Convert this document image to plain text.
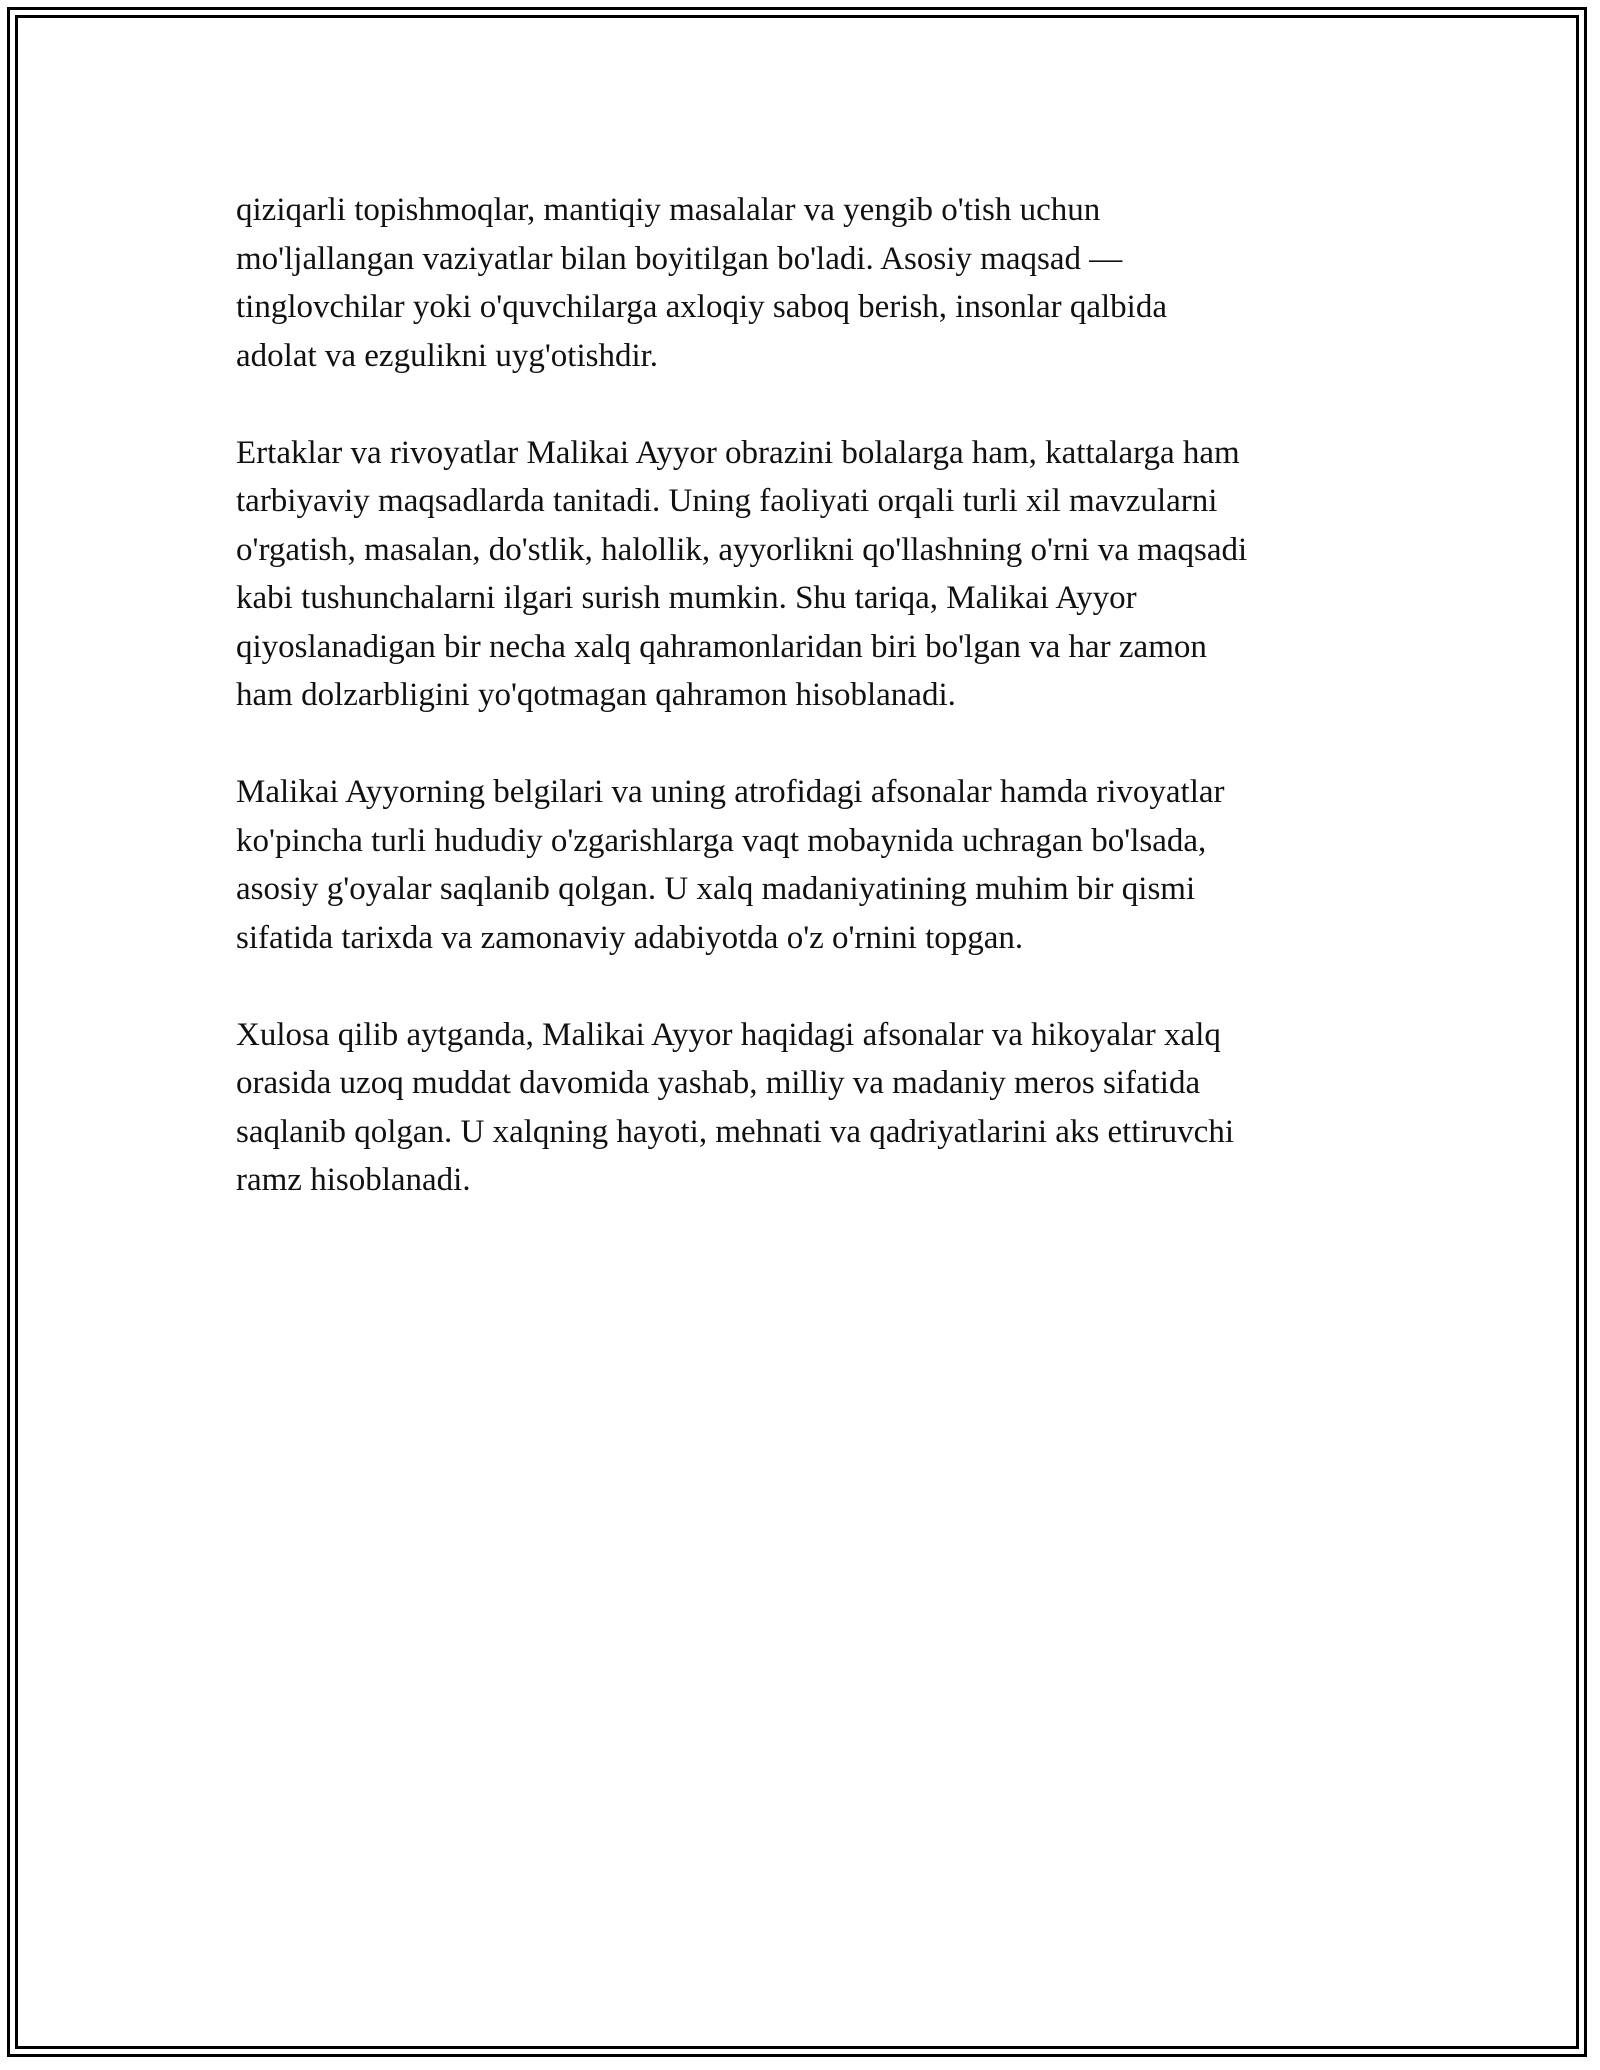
qiziqarli topishmoqlar, mantiqiy masalalar va yengib o'tish uchun
mo'ljallangan vaziyatlar bilan boyitilgan bo'ladi. Asosiy maqsad —
tinglovchilar yoki o'quvchilarga axloqiy saboq berish, insonlar qalbida
adolat va ezgulikni uyg'otishdir.

Ertaklar va rivoyatlar Malikai Ayyor obrazini bolalarga ham, kattalarga ham
tarbiyaviy maqsadlarda tanitadi. Uning faoliyati orqali turli xil mavzularni
o'rgatish, masalan, do'stlik, halollik, ayyorlikni qo'llashning o'rni va maqsadi
kabi tushunchalarni ilgari surish mumkin. Shu tariqa, Malikai Ayyor
qiyoslanadigan bir necha xalq qahramonlaridan biri bo'lgan va har zamon
ham dolzarbligini yo'qotmagan qahramon hisoblanadi.

Malikai Ayyorning belgilari va uning atrofidagi afsonalar hamda rivoyatlar
ko'pincha turli hududiy o'zgarishlarga vaqt mobaynida uchragan bo'lsada,
asosiy g'oyalar saqlanib qolgan. U xalq madaniyatining muhim bir qismi
sifatida tarixda va zamonaviy adabiyotda o'z o'rnini topgan.

Xulosa qilib aytganda, Malikai Ayyor haqidagi afsonalar va hikoyalar xalq
orasida uzoq muddat davomida yashab, milliy va madaniy meros sifatida
saqlanib qolgan. U xalqning hayoti, mehnati va qadriyatlarini aks ettiruvchi
ramz hisoblanadi.
